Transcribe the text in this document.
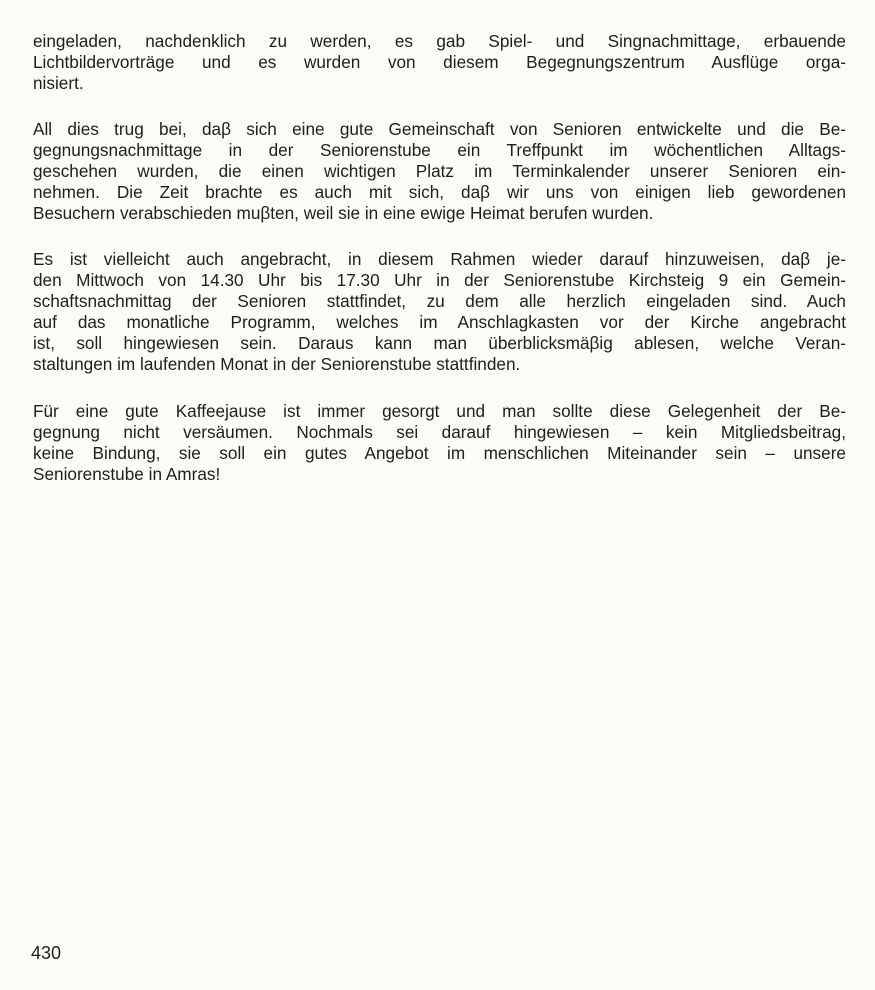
eingeladen, nachdenklich zu werden, es gab Spiel- und Singnachmittage, erbauende
Lichtbildervorträge und es wurden von diesem Begegnungszentrum Ausflüge orga-
nisiert.

All dies trug bei, daβ sich eine gute Gemeinschaft von Senioren entwickelte und die Be-
gegnungsnachmittage in der Seniorenstube ein Treffpunkt im wöchentlichen Alltags-
geschehen wurden, die einen wichtigen Platz im Terminkalender unserer Senioren ein-
nehmen. Die Zeit brachte es auch mit sich, daβ wir uns von einigen lieb gewordenen
Besuchern verabschieden muβten, weil sie in eine ewige Heimat berufen wurden.

Es ist vielleicht auch angebracht, in diesem Rahmen wieder darauf hinzuweisen, daβ je-
den Mittwoch von 14.30 Uhr bis 17.30 Uhr in der Seniorenstube Kirchsteig 9 ein Gemein-
schaftsnachmittag der Senioren stattfindet, zu dem alle herzlich eingeladen sind. Auch
auf das monatliche Programm, welches im Anschlagkasten vor der Kirche angebracht
ist, soll hingewiesen sein. Daraus kann man überblicksmäβig ablesen, welche Veran-
staltungen im laufenden Monat in der Seniorenstube stattfinden.

Für eine gute Kaffeejause ist immer gesorgt und man sollte diese Gelegenheit der Be-
gegnung nicht versäumen. Nochmals sei darauf hingewiesen – kein Mitgliedsbeitrag,
keine Bindung, sie soll ein gutes Angebot im menschlichen Miteinander sein – unsere
Seniorenstube in Amras!

430
